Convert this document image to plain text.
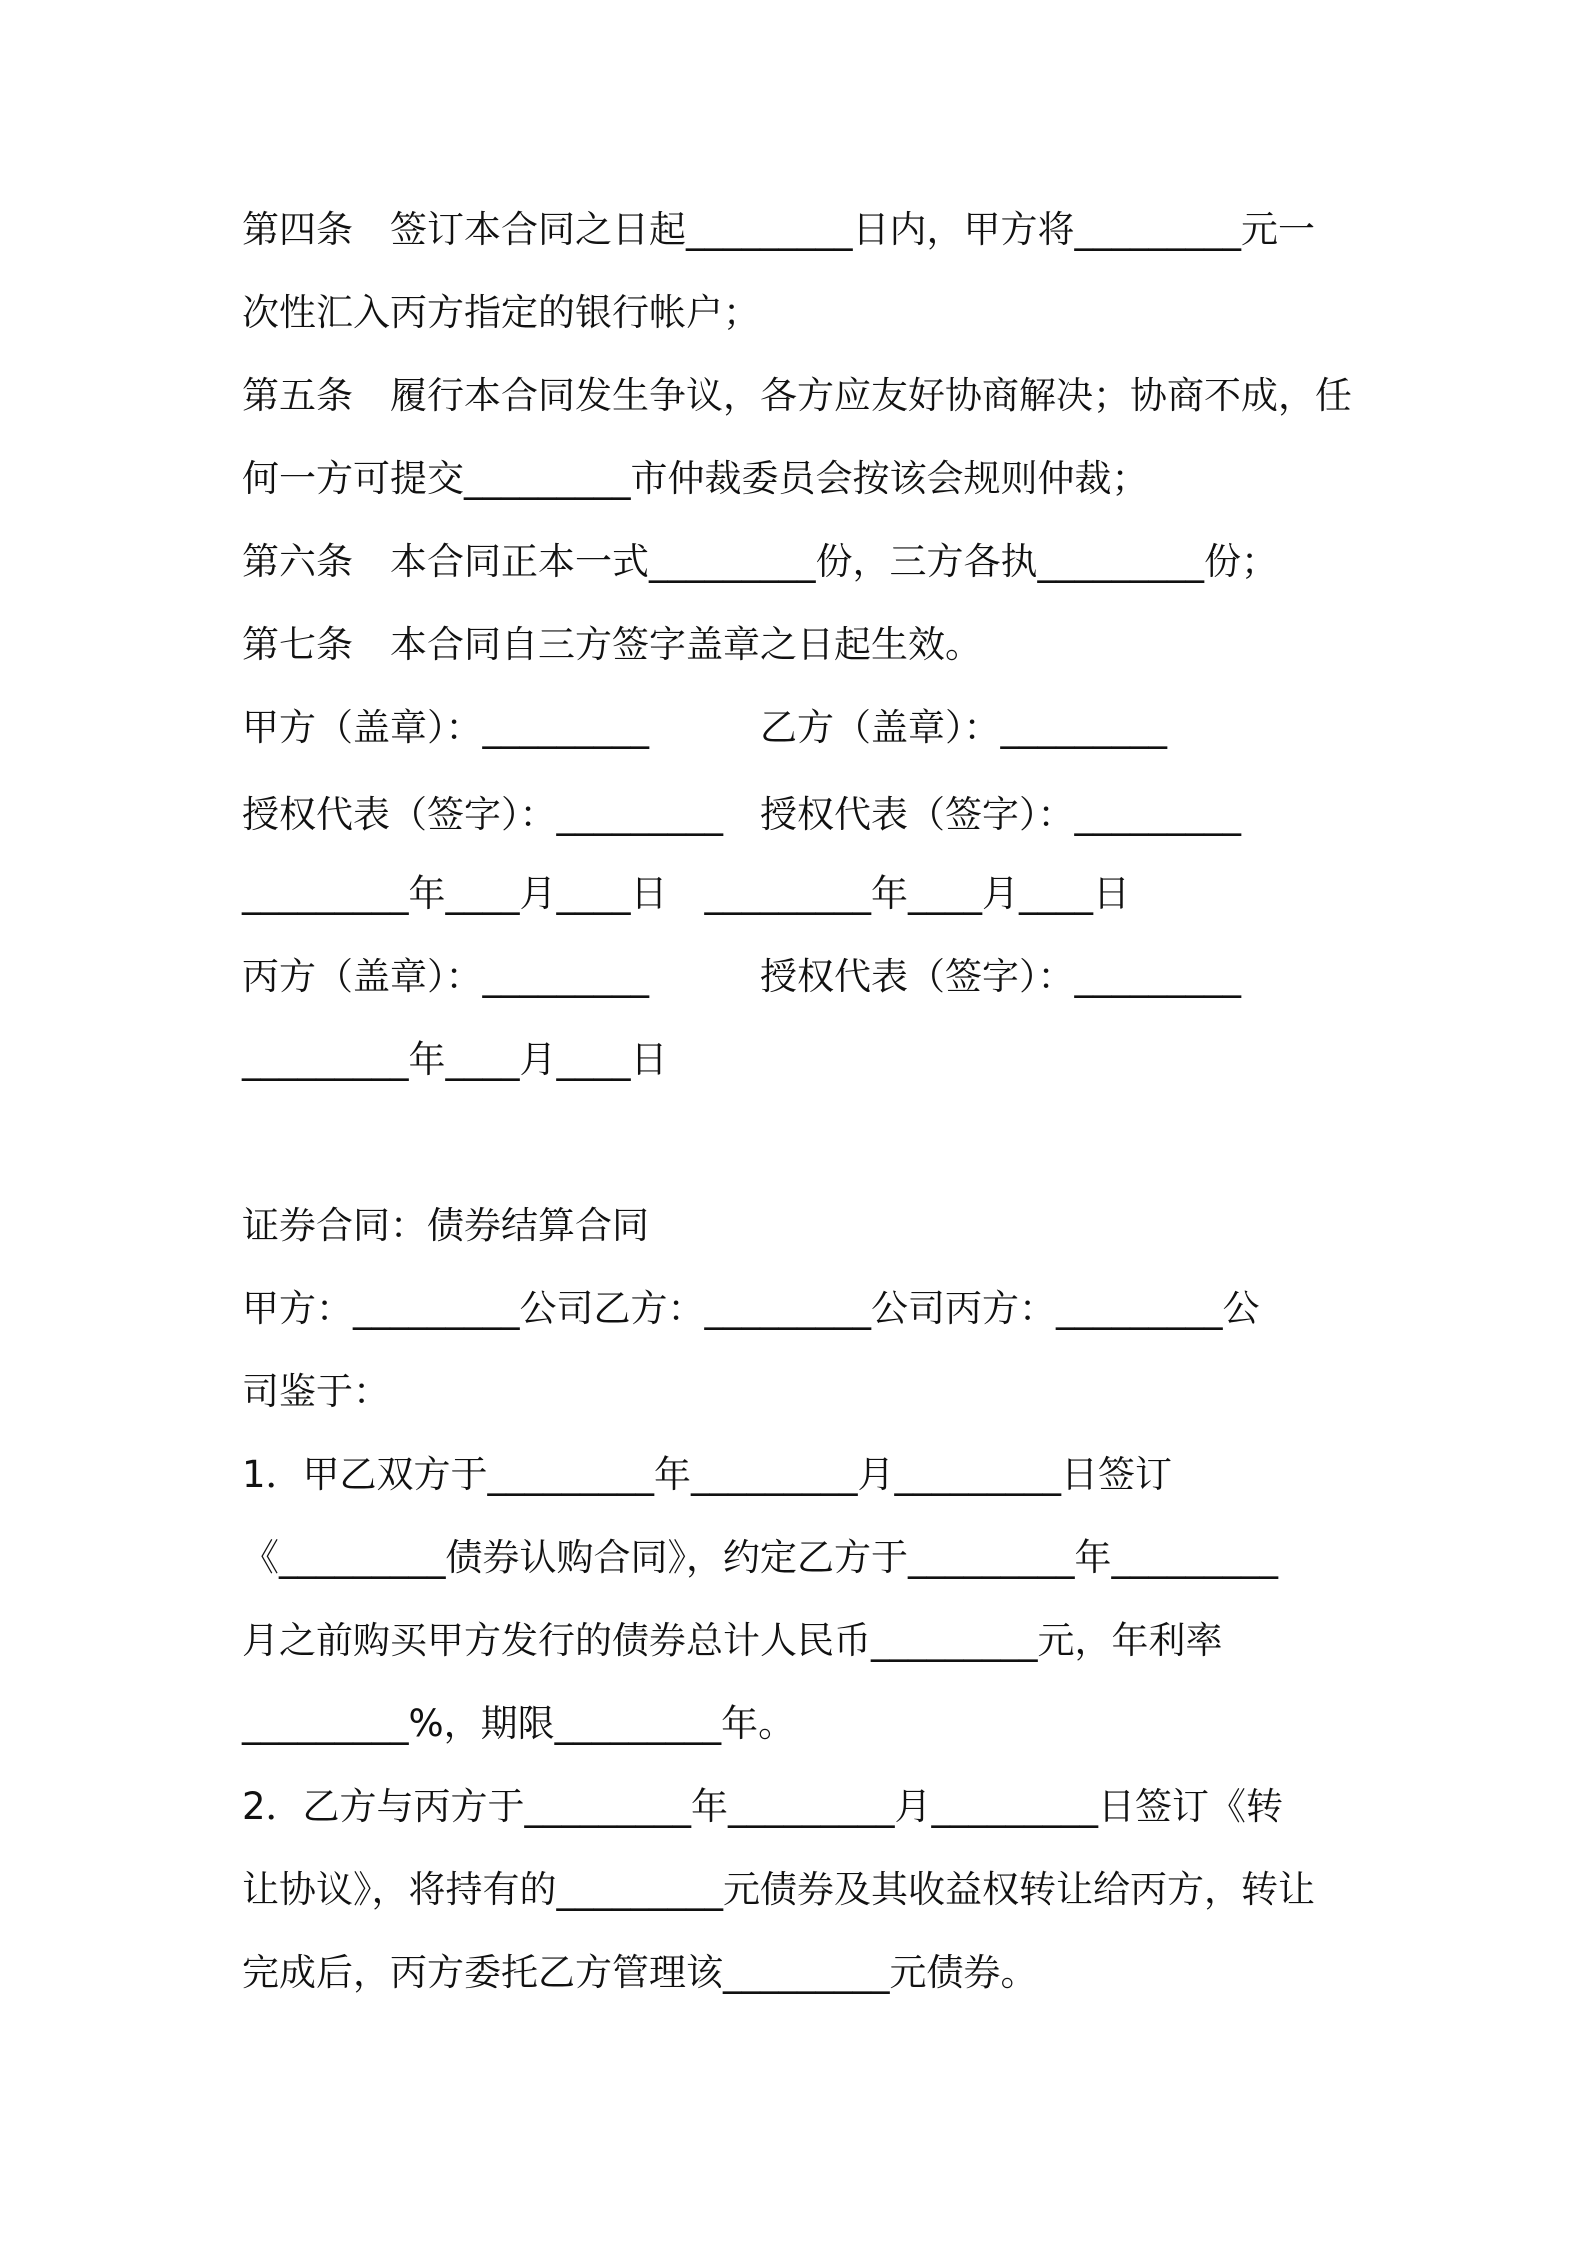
第四条　签订本合同之日起_________日内，甲方将_________元一
次性汇入丙方指定的银行帐户；
第五条　履行本合同发生争议，各方应友好协商解决；协商不成，任
何一方可提交_________市仲裁委员会按该会规则仲裁；
第六条　本合同正本一式_________份，三方各执_________份；
第七条　本合同自三方签字盖章之日起生效。
甲方（盖章）：_________　　　乙方（盖章）：_________
授权代表（签字）：_________　授权代表（签字）：_________
_________年____月____日　_________年____月____日
丙方（盖章）：_________　　　授权代表（签字）：_________
_________年____月____日
证券合同：债券结算合同
甲方：_________公司乙方：_________公司丙方：_________公
司鉴于：
1．甲乙双方于_________年_________月_________日签订
《_________债券认购合同》，约定乙方于_________年_________
月之前购买甲方发行的债券总计人民币_________元，年利率
_________%，期限_________年。
2．乙方与丙方于_________年_________月_________日签订《转
让协议》，将持有的_________元债券及其收益权转让给丙方，转让
完成后，丙方委托乙方管理该_________元债券。
